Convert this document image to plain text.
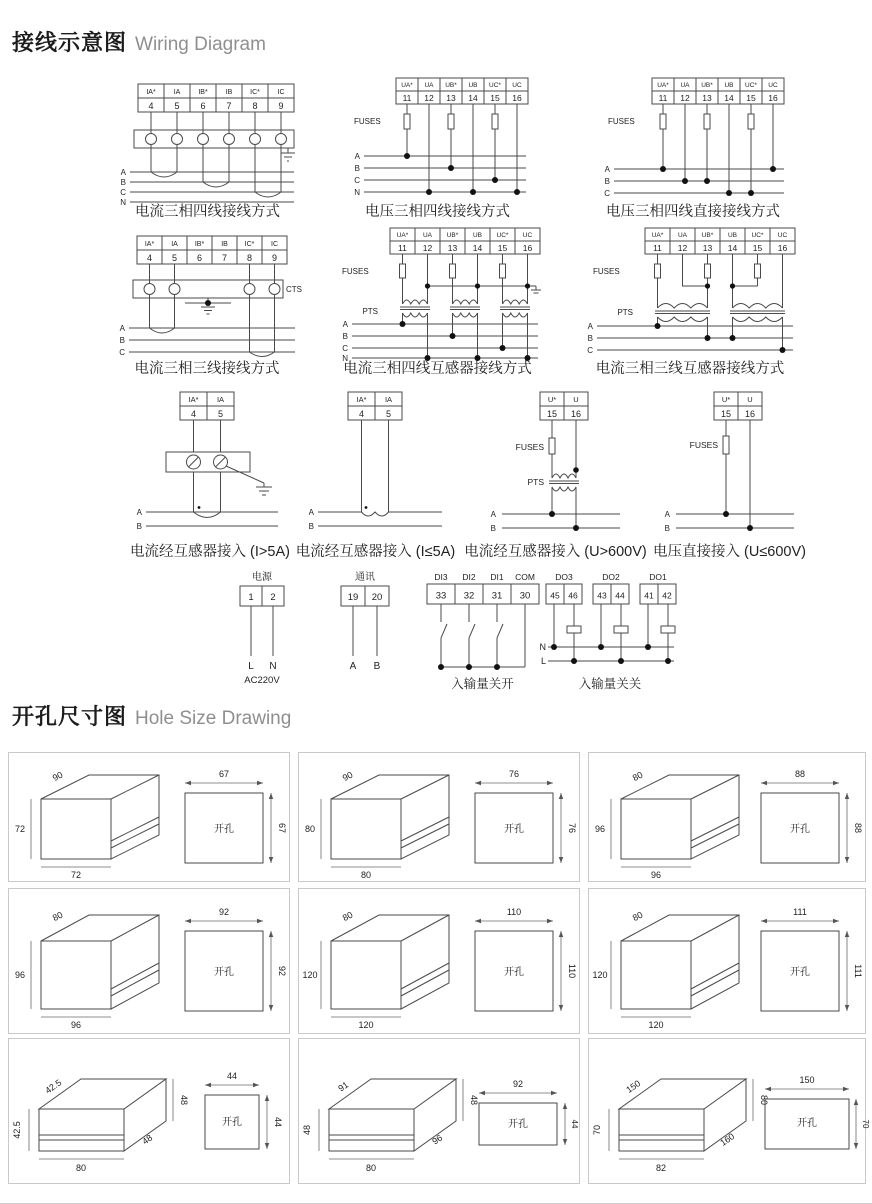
接线示意图 Wiring Diagram
IA*	IA	IB*	IB	IC*	IC
4 5 6 7 8 9
A
B
C
N
电流三相四线接线方式
UA* UA UB* UB UC* UC
11 12 13 14 15 16
FUSES
A
B
C
N
电压三相四线接线方式
UA* UA UB* UB UC* UC
11 12 13 14 15 16
FUSES
A
B
C
电压三相四线直接接线方式
IA* IA IB* IB IC* IC
4 5 6 7 8 9
CTS
A
B
C
电流三相三线接线方式
UA* UA UB* UB UC* UC
11 12 13 14 15 16
FUSES
PTS
A
B
C
N
电流三相四线互感器接线方式
UA* UA UB* UB UC* UC
11 12 13 14 15 16
FUSES
PTS
A
B
C
电流三相三线互感器接线方式
IA* IA
4 5
A
B
电流经互感器接入 (I>5A)
IA* IA
4 5
A
B
电流经互感器接入 (I≤5A)
U* U
15 16
FUSES
PTS
A
B
电流经互感器接入 (U>600V)
U* U
15 16
FUSES
A
B
电压直接接入 (U≤600V)
电源
1 2
L N
AC220V
通讯
19 20
A B
DI3 DI2 DI1 COM
33 32 31 30
入输量关开
DO3	DO2	DO1
45 46 43 44 41 42
N
L
入输量关关
开孔尺寸图 Hole Size Drawing
90
72
72
67
67
开孔
90
80
80
76
76
开孔
80
96
96
88
88
开孔
80
96
96
92
92
开孔
80
120
120
110
110
开孔
80
120
120
111
111
开孔
42.5
42.5
48
48
80
44
44
开孔
91
48
48
96
80
92
44
开孔
150
70
80
160
82
150
70
开孔
